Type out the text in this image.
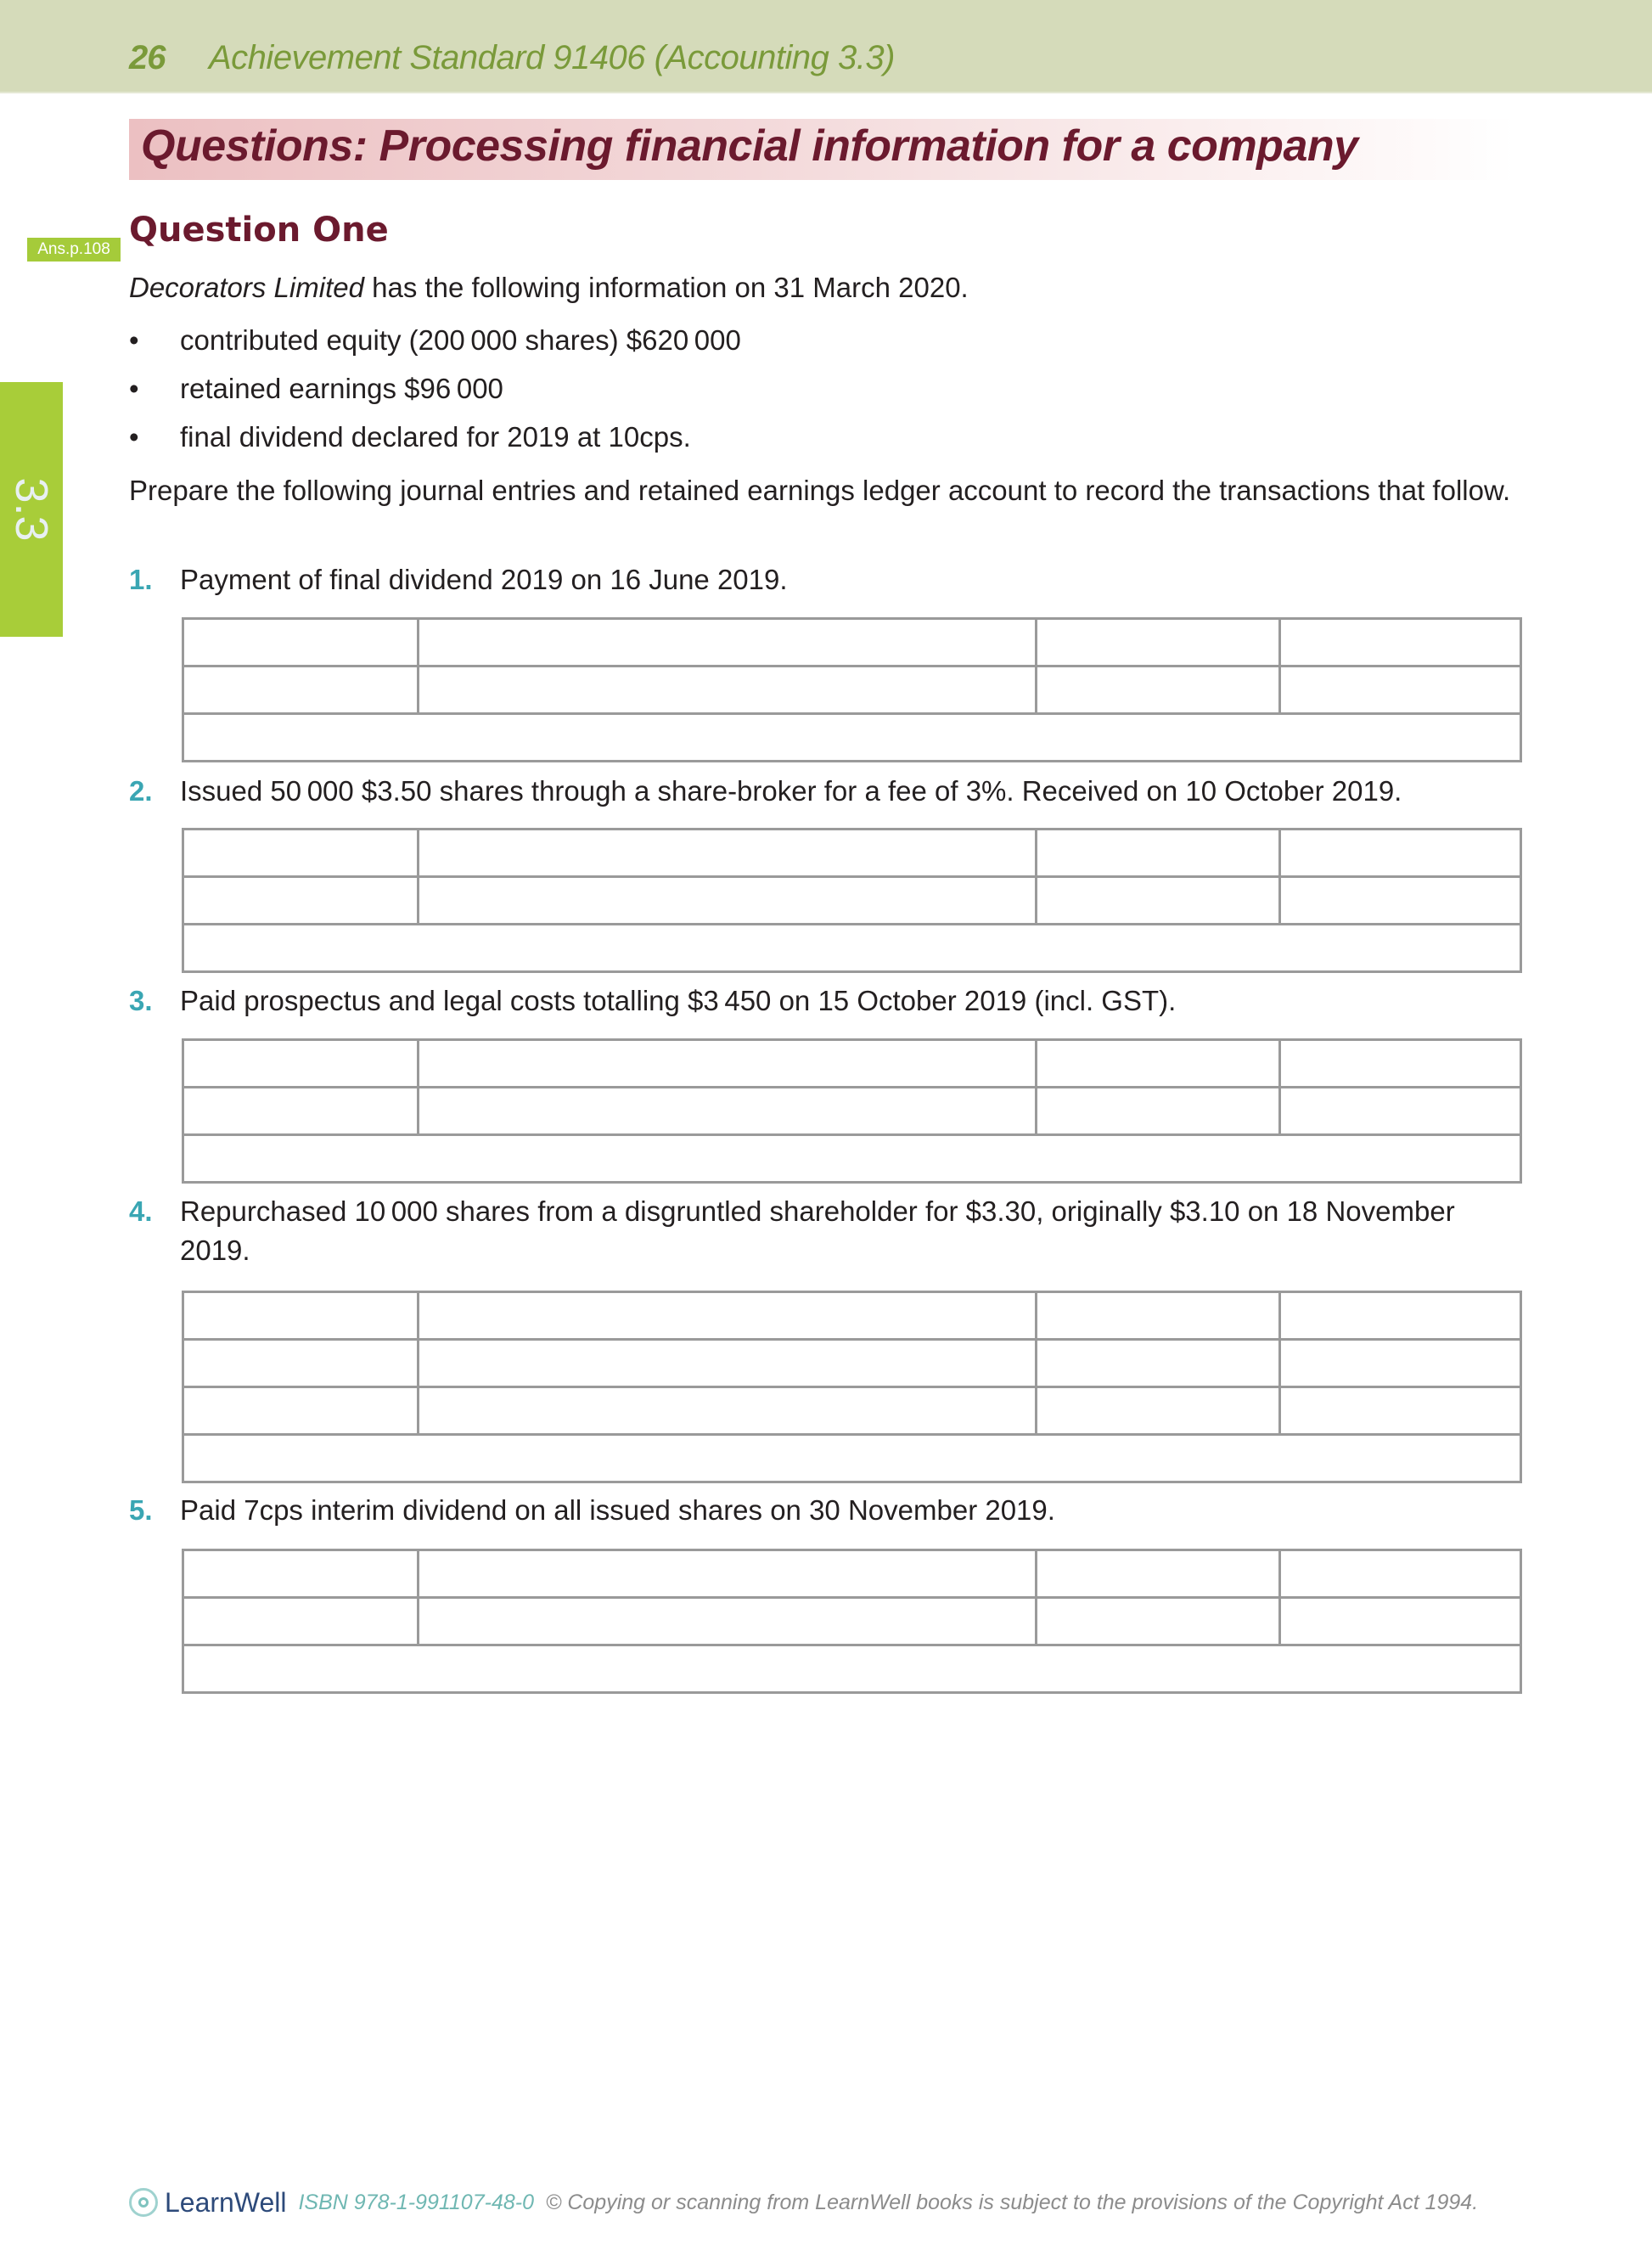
26 Achievement Standard 91406 (Accounting 3.3)
Questions: Processing financial information for a company
3.3
Ans.p.108 Question One
Decorators Limited has the following information on 31 March 2020.
• contributed equity (200 000 shares) $620 000
• retained earnings $96 000
• final dividend declared for 2019 at 10cps.
Prepare the following journal entries and retained earnings ledger account to record the transactions that follow.
1. Payment of final dividend 2019 on 16 June 2019.
2. Issued 50 000 $3.50 shares through a share-broker for a fee of 3%. Received on 10 October 2019.
3. Paid prospectus and legal costs totalling $3 450 on 15 October 2019 (incl. GST).
4. Repurchased 10 000 shares from a disgruntled shareholder for $3.30, originally $3.10 on 18 November
2019.
5. Paid 7cps interim dividend on all issued shares on 30 November 2019.
LearnWell ISBN 978-1-991107-48-0 © Copying or scanning from LearnWell books is subject to the provisions of the Copyright Act 1994.
